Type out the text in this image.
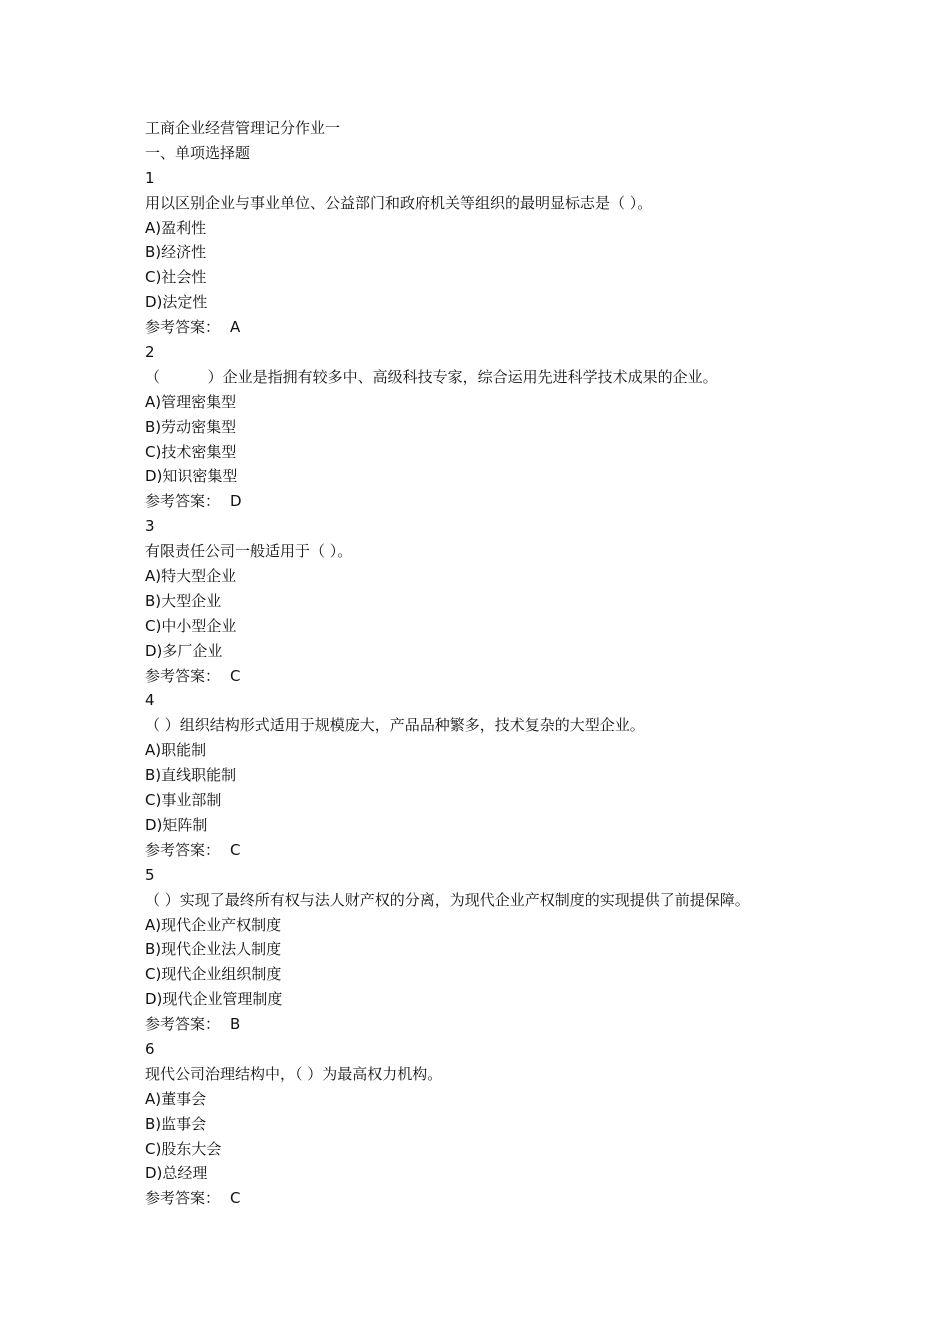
工商企业经营管理记分作业一
一、单项选择题
1
用以区别企业与事业单位、公益部门和政府机关等组织的最明显标志是（ ）。
A)盈利性
B)经济性
C)社会性
D)法定性
参考答案： A
2
（          ）企业是指拥有较多中、高级科技专家，综合运用先进科学技术成果的企业。
A)管理密集型
B)劳动密集型
C)技术密集型
D)知识密集型
参考答案： D
3
有限责任公司一般适用于（ ）。
A)特大型企业
B)大型企业
C)中小型企业
D)多厂企业
参考答案： C
4
（ ）组织结构形式适用于规模庞大，产品品种繁多，技术复杂的大型企业。
A)职能制
B)直线职能制
C)事业部制
D)矩阵制
参考答案： C
5
（ ）实现了最终所有权与法人财产权的分离，为现代企业产权制度的实现提供了前提保障。
A)现代企业产权制度
B)现代企业法人制度
C)现代企业组织制度
D)现代企业管理制度
参考答案： B
6
现代公司治理结构中，（ ）为最高权力机构。
A)董事会
B)监事会
C)股东大会
D)总经理
参考答案： C
